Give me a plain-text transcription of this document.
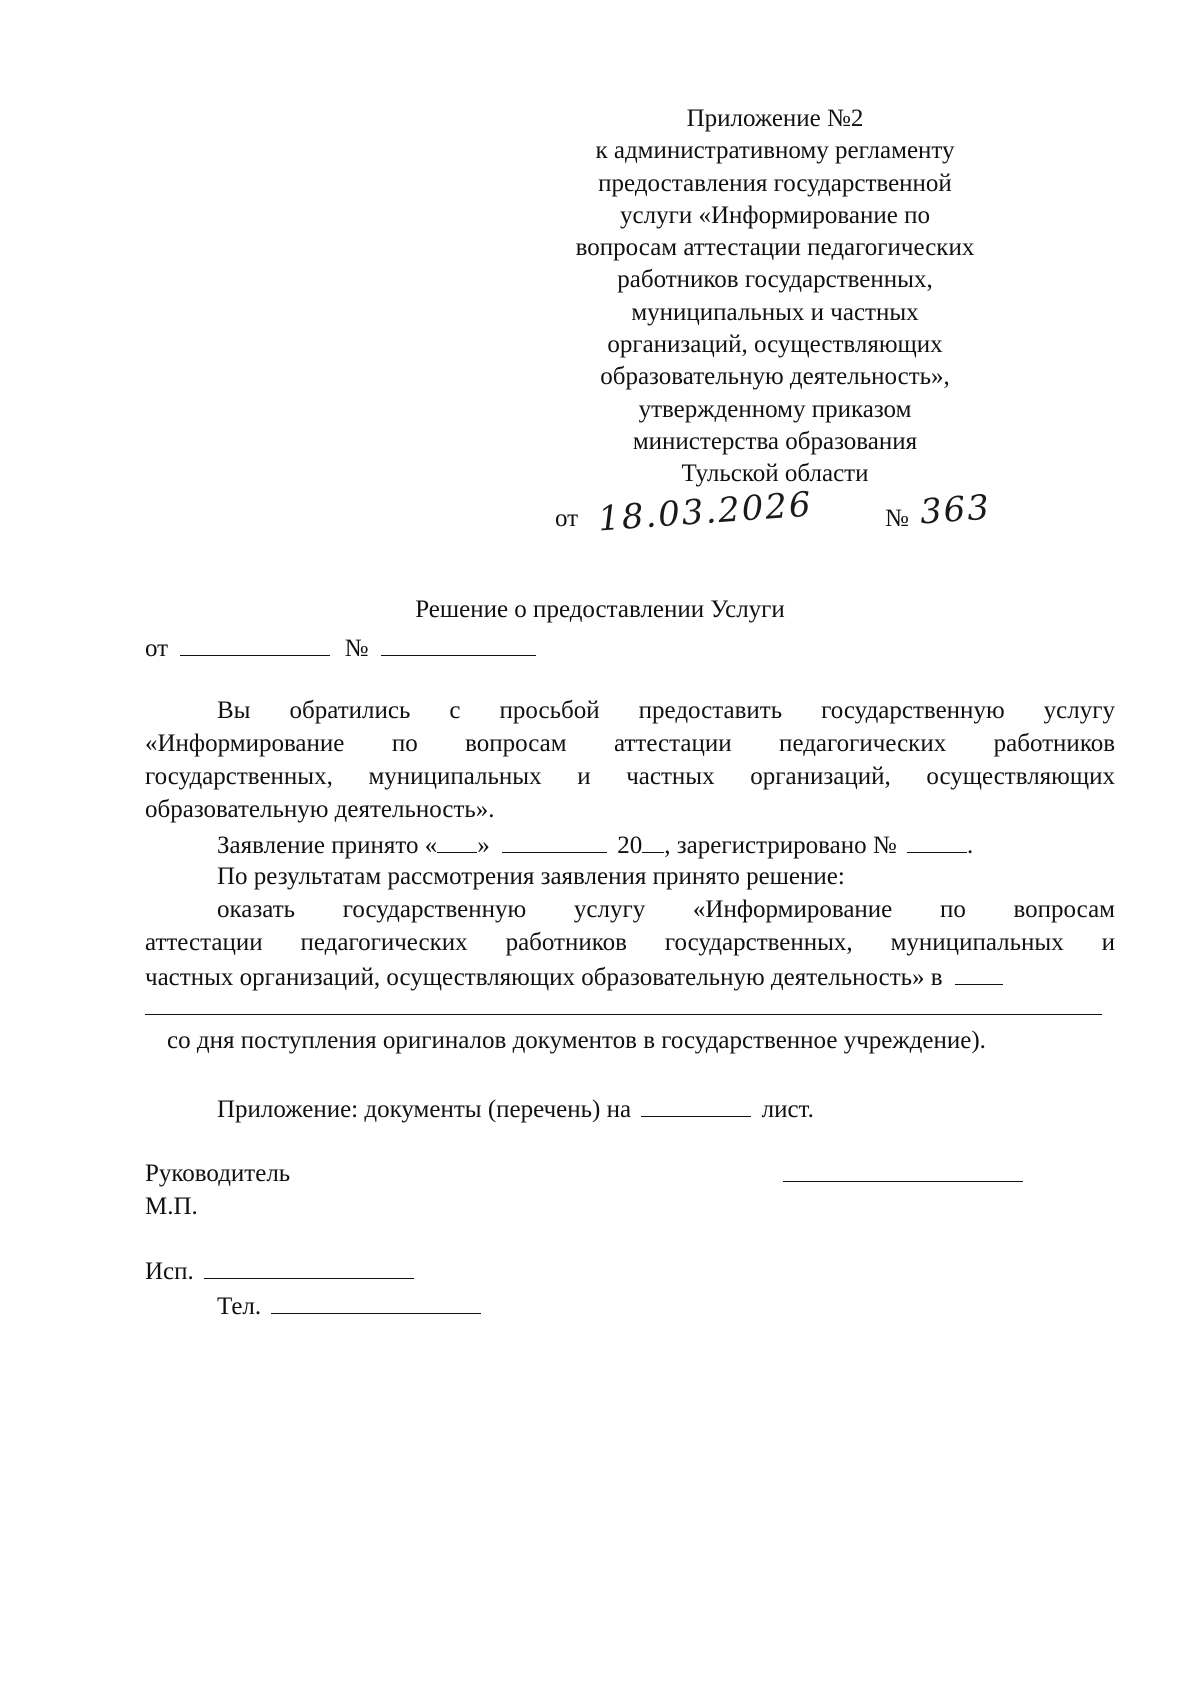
Приложение №2
к административному регламенту
предоставления государственной
услуги «Информирование по
вопросам аттестации педагогических
работников государственных,
муниципальных и частных
организаций, осуществляющих
образовательную деятельность»,
утвержденному приказом
министерства образования
Тульской области
от 18.03.2026	№ 363
Решение о предоставлении Услуги
от	№
Вы обратились с просьбой предоставить государственную услугу
«Информирование по вопросам аттестации педагогических работников
государственных, муниципальных и частных организаций, осуществляющих
образовательную деятельность».
Заявление принято « »	20 , зарегистрировано №	.
По результатам рассмотрения заявления принято решение:
оказать государственную услугу «Информирование по вопросам
аттестации педагогических работников государственных, муниципальных и
частных организаций, осуществляющих образовательную деятельность» в
со дня поступления оригиналов документов в государственное учреждение).
Приложение: документы (перечень) на	лист.
Руководитель
М.П.
Исп.
Тел.
